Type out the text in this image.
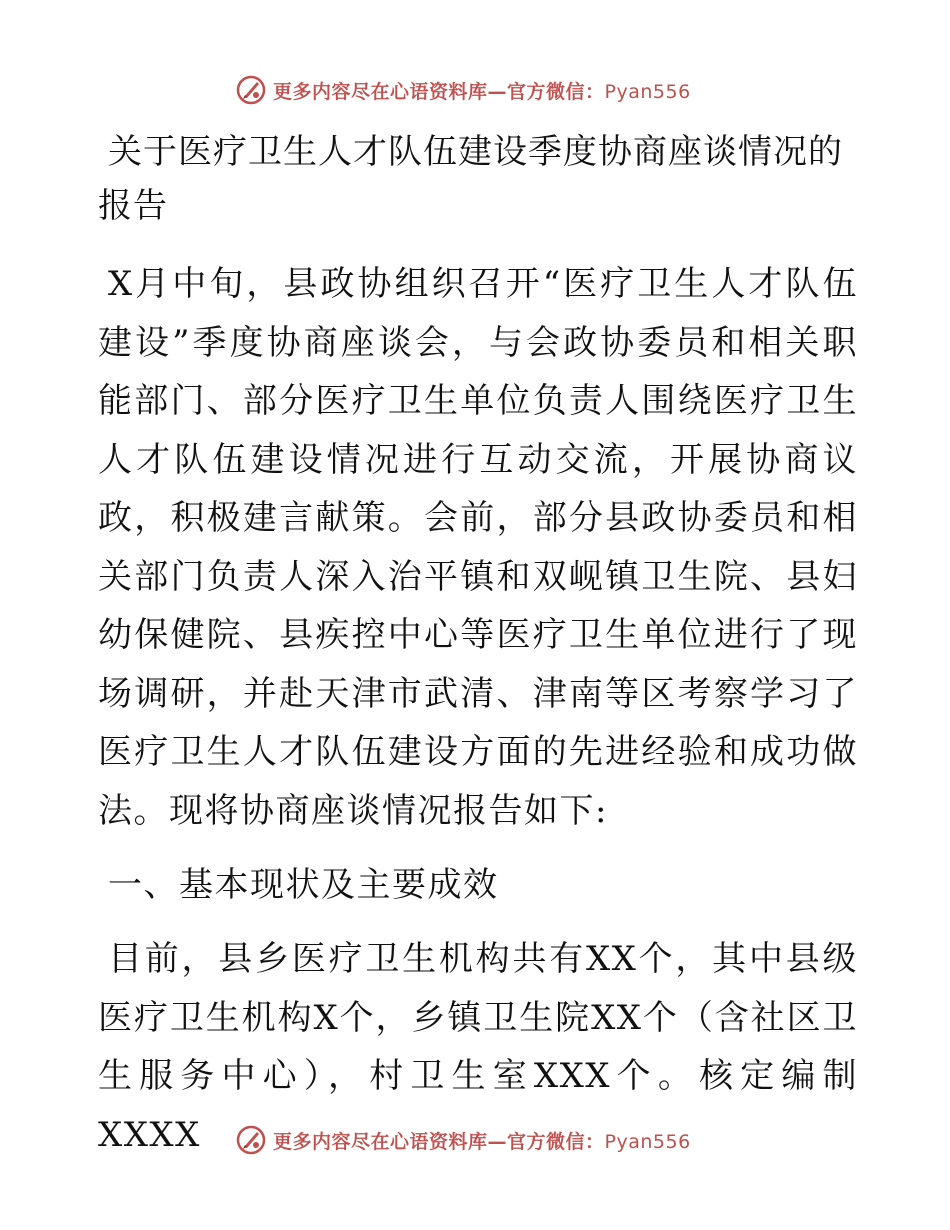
更多内容尽在心语资料库—官方微信：Pyan556
关于医疗卫生人才队伍建设季度协商座谈情况的报告

X月中旬，县政协组织召开“医疗卫生人才队伍建设”季度协商座谈会，与会政协委员和相关职能部门、部分医疗卫生单位负责人围绕医疗卫生人才队伍建设情况进行互动交流，开展协商议政，积极建言献策。会前，部分县政协委员和相关部门负责人深入治平镇和双岘镇卫生院、县妇幼保健院、县疾控中心等医疗卫生单位进行了现场调研，并赴天津市武清、津南等区考察学习了医疗卫生人才队伍建设方面的先进经验和成功做法。现将协商座谈情况报告如下:

一、基本现状及主要成效

目前，县乡医疗卫生机构共有XX个，其中县级医疗卫生机构X个，乡镇卫生院XX个（含社区卫生服务中心），村卫生室XXX个。核定编制XXXX	更多内容尽在心语资料库—官方微信：Pyan556
